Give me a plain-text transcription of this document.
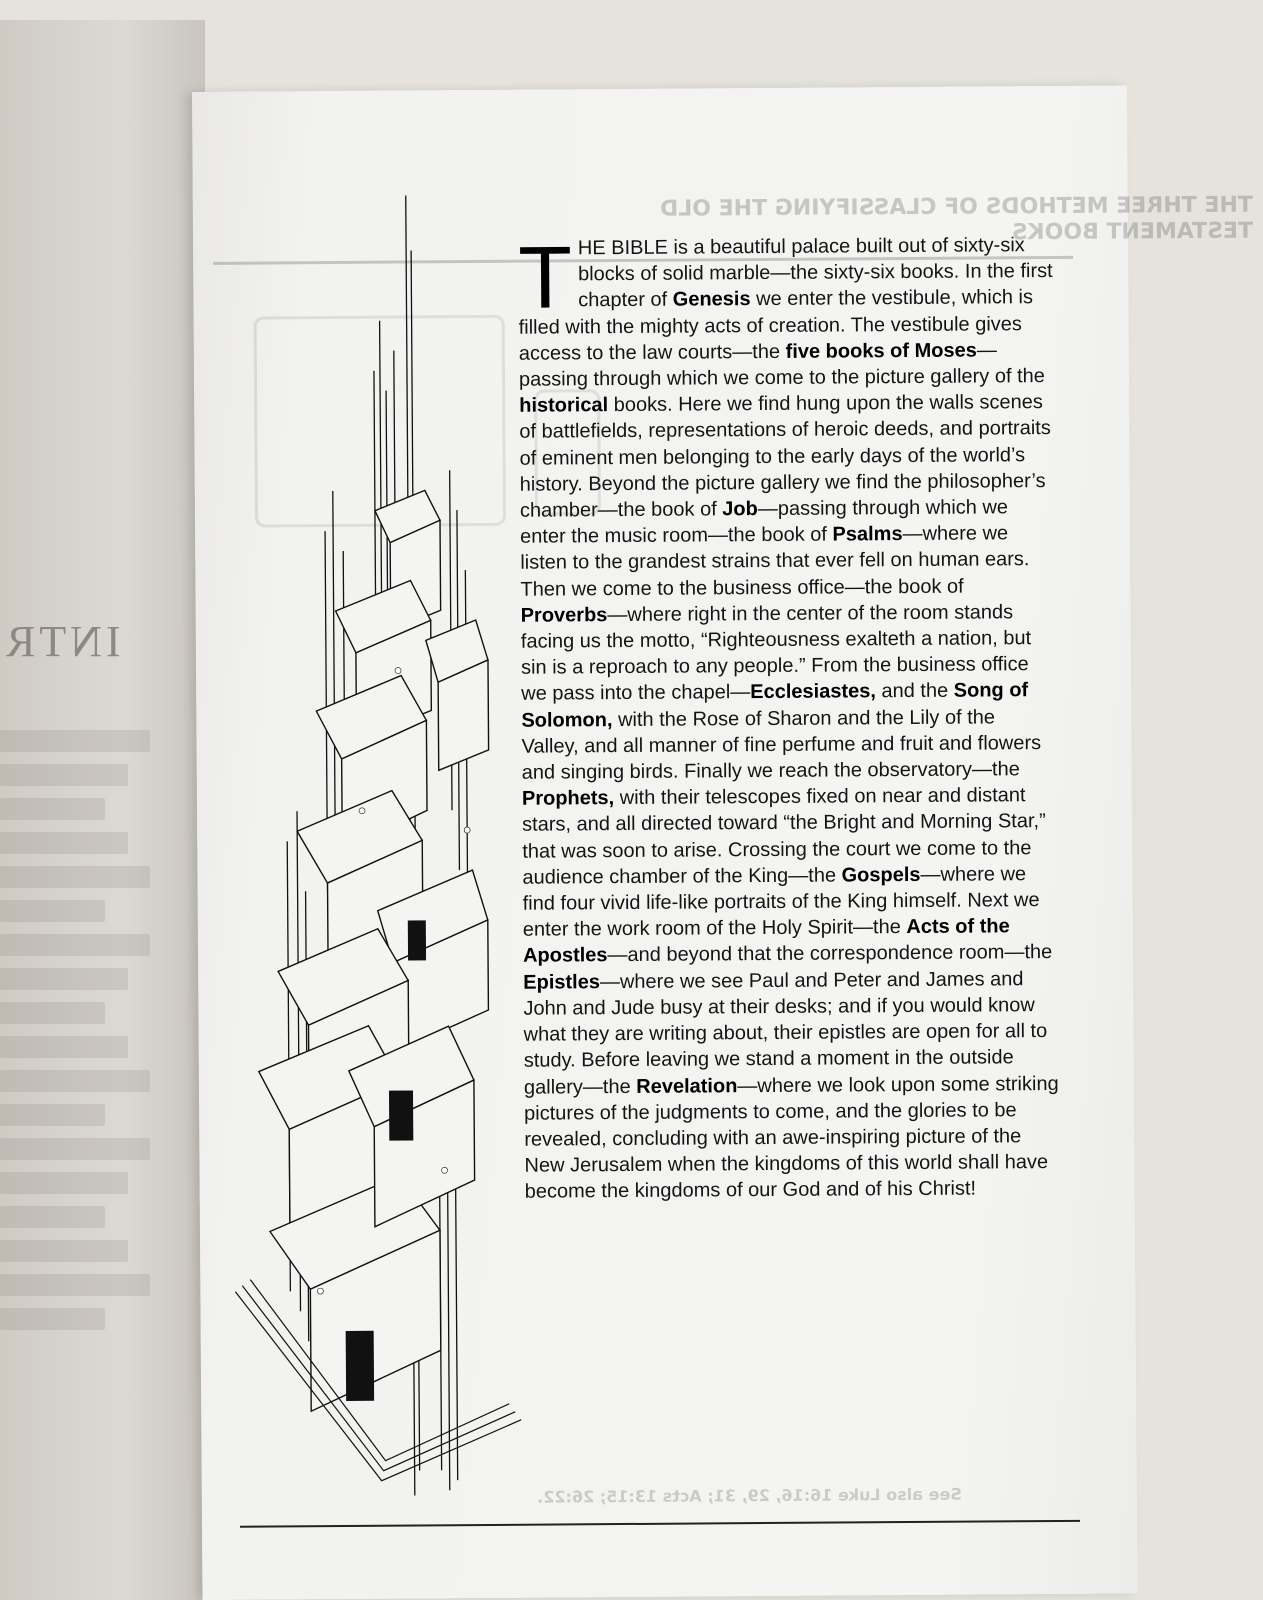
INTR
THE THREE METHODS OF CLASSIFYING THE OLD TESTAMENT BOOKS
See also Luke 16:16, 29, 31; Acts 13:15; 26:22.

THE BIBLE is a beautiful palace built out of sixty-six blocks of solid marble—the sixty-six books. In the first chapter of Genesis we enter the vestibule, which is filled with the mighty acts of creation. The vestibule gives access to the law courts—the five books of Moses—passing through which we come to the picture gallery of the historical books. Here we find hung upon the walls scenes of battlefields, representations of heroic deeds, and portraits of eminent men belonging to the early days of the world’s history. Beyond the picture gallery we find the philosopher’s chamber—the book of Job—passing through which we enter the music room—the book of Psalms—where we listen to the grandest strains that ever fell on human ears. Then we come to the business office—the book of Proverbs—where right in the center of the room stands facing us the motto, “Righteousness exalteth a nation, but sin is a reproach to any people.” From the business office we pass into the chapel—Ecclesiastes, and the Song of Solomon, with the Rose of Sharon and the Lily of the Valley, and all manner of fine perfume and fruit and flowers and singing birds. Finally we reach the observatory—the Prophets, with their telescopes fixed on near and distant stars, and all directed toward “the Bright and Morning Star,” that was soon to arise. Crossing the court we come to the audience chamber of the King—the Gospels—where we find four vivid life-like portraits of the King himself. Next we enter the work room of the Holy Spirit—the Acts of the Apostles—and beyond that the correspondence room—the Epistles—where we see Paul and Peter and James and John and Jude busy at their desks; and if you would know what they are writing about, their epistles are open for all to study. Before leaving we stand a moment in the outside gallery—the Revelation—where we look upon some striking pictures of the judgments to come, and the glories to be revealed, concluding with an awe-inspiring picture of the New Jerusalem when the kingdoms of this world shall have become the kingdoms of our God and of his Christ!
